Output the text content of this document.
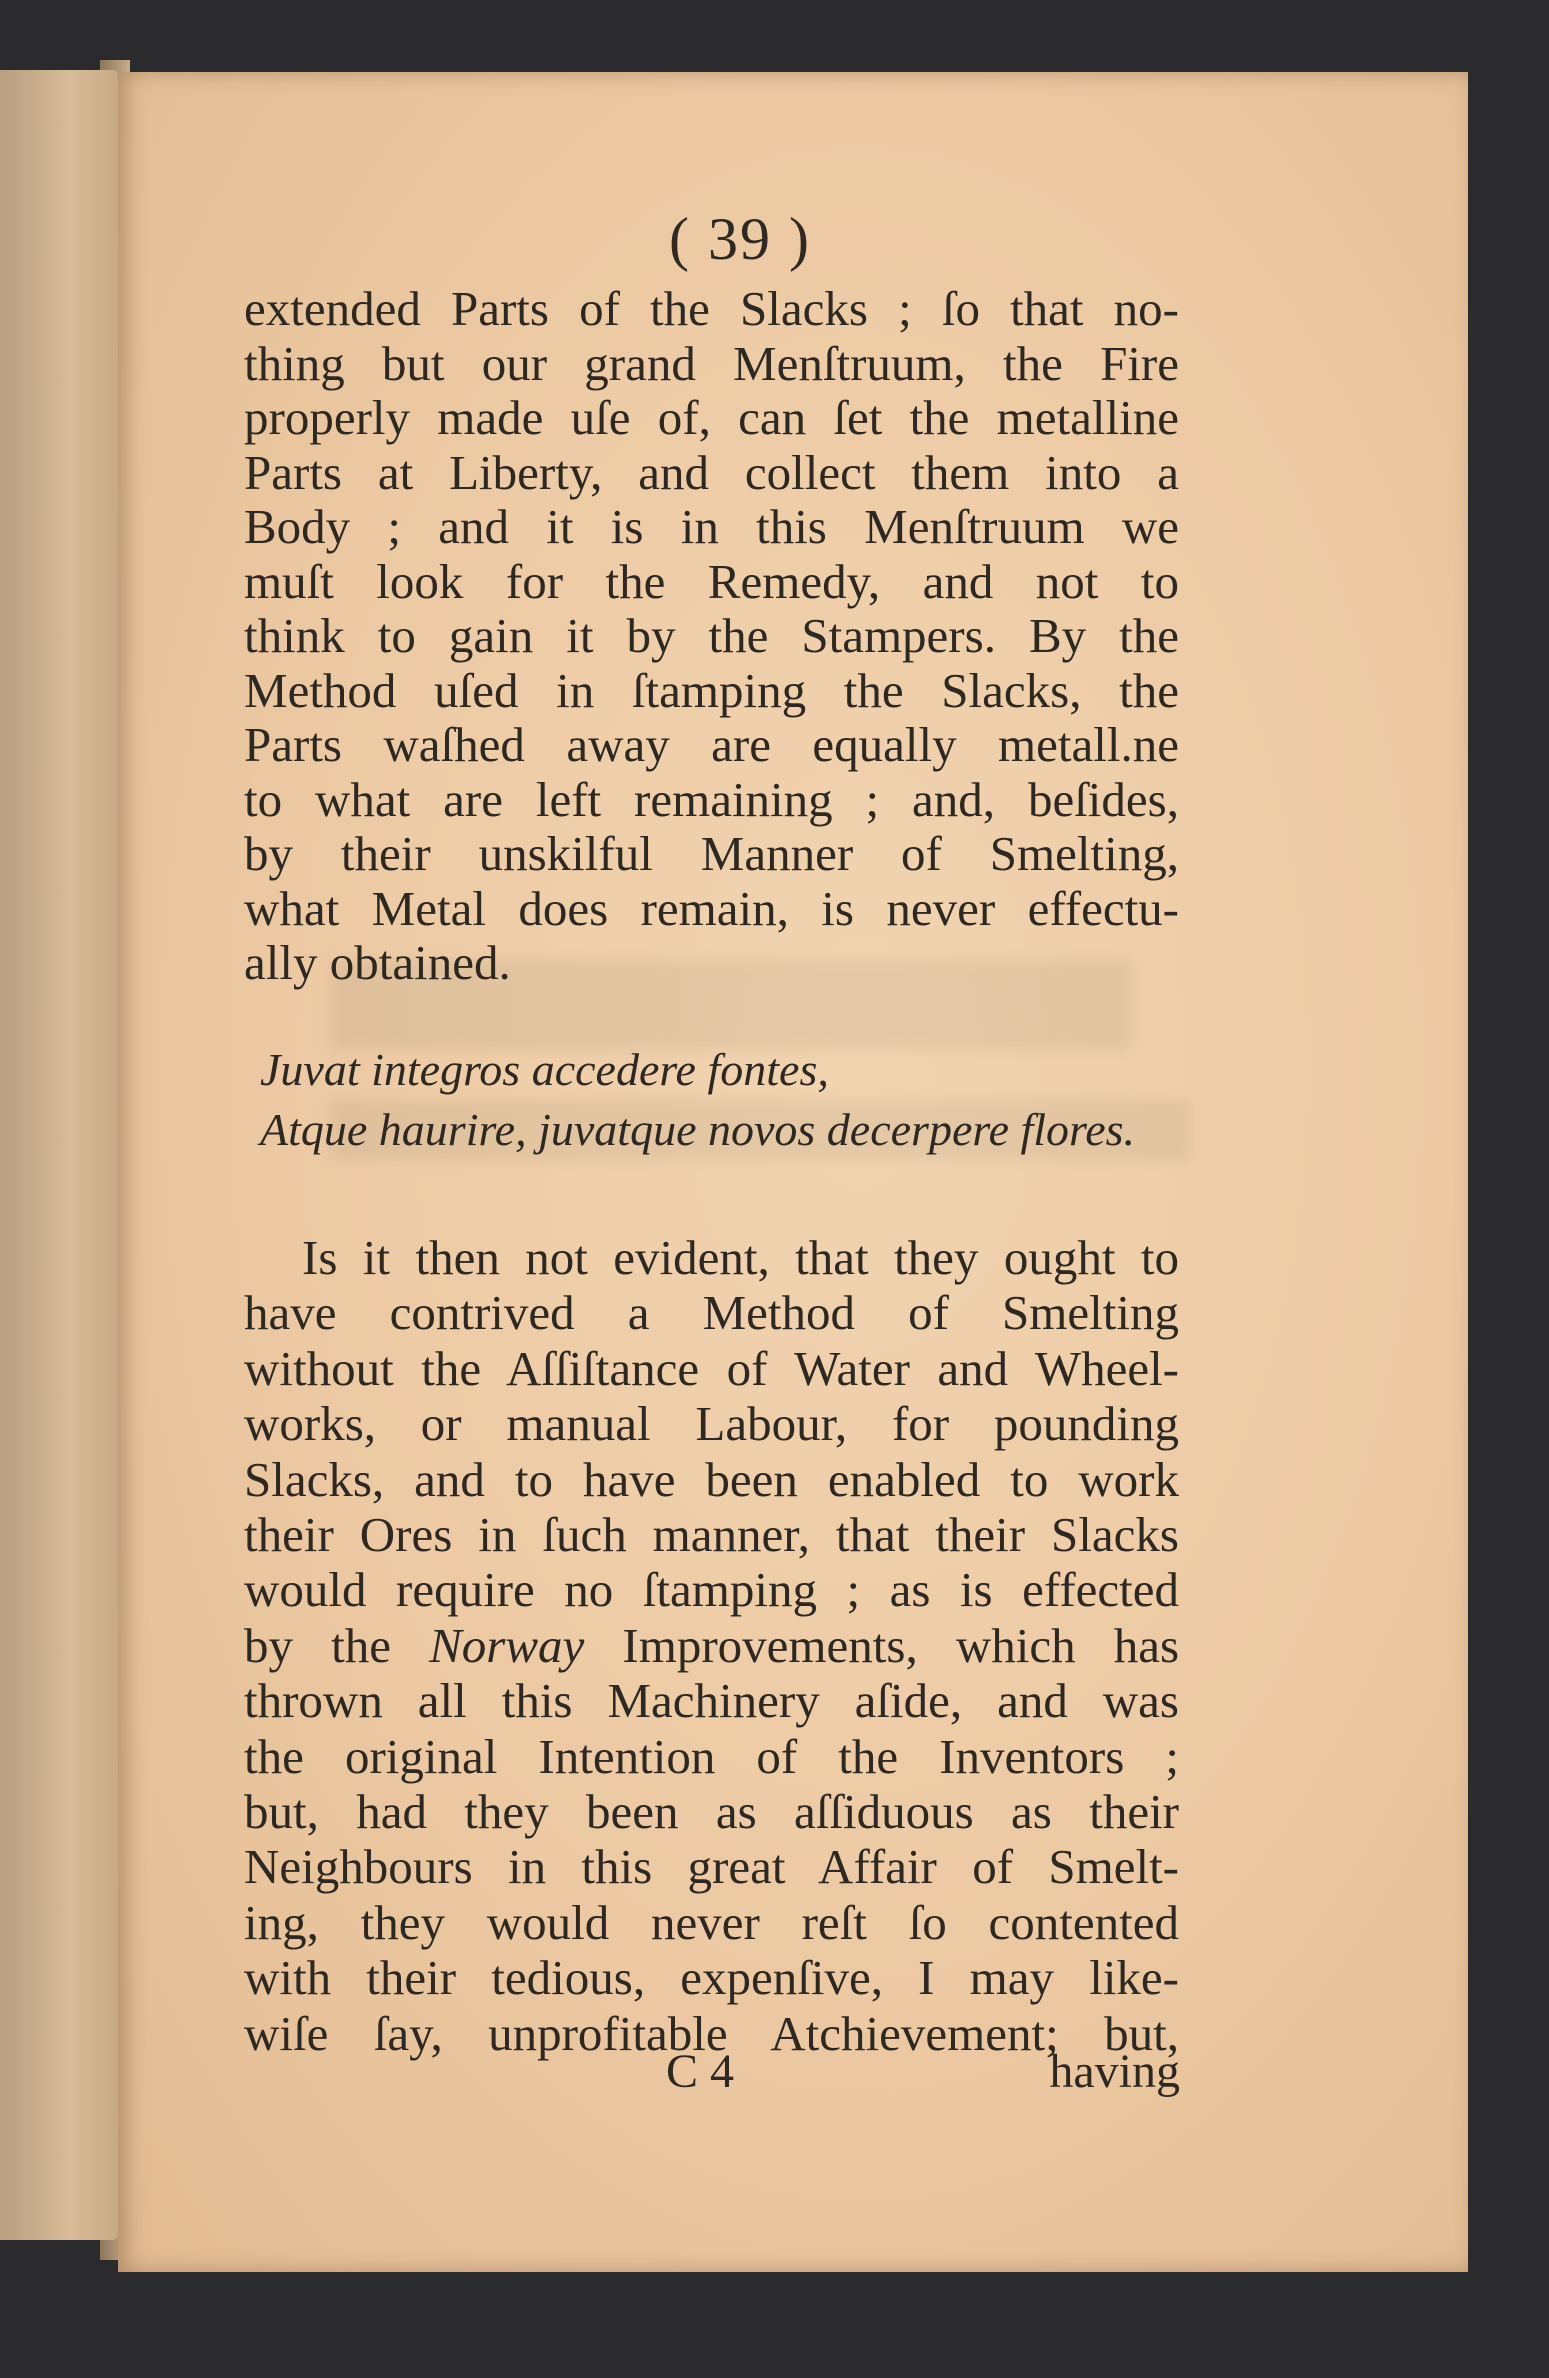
( 39 )
extended Parts of the Slacks ; ſo that no-
thing but our grand Menſtruum, the Fire
properly made uſe of, can ſet the metalline
Parts at Liberty, and collect them into a
Body ; and it is in this Menſtruum we
muſt look for the Remedy, and not to
think to gain it by the Stampers. By the
Method uſed in ſtamping the Slacks, the
Parts waſhed away are equally metall.ne
to what are left remaining ; and, beſides,
by their unskilful Manner of Smelting,
what Metal does remain, is never effectu-
ally obtained.
Juvat integros accedere fontes,
Atque haurire, juvatque novos decerpere flores.
Is it then not evident, that they ought to
have contrived a Method of Smelting
without the Aſſiſtance of Water and Wheel-
works, or manual Labour, for pounding
Slacks, and to have been enabled to work
their Ores in ſuch manner, that their Slacks
would require no ſtamping ; as is effected
by the Norway Improvements, which has
thrown all this Machinery aſide, and was
the original Intention of the Inventors ;
but, had they been as aſſiduous as their
Neighbours in this great Affair of Smelt-
ing, they would never reſt ſo contented
with their tedious, expenſive, I may like-
wiſe ſay, unprofitable Atchievement; but,
C 4	having
